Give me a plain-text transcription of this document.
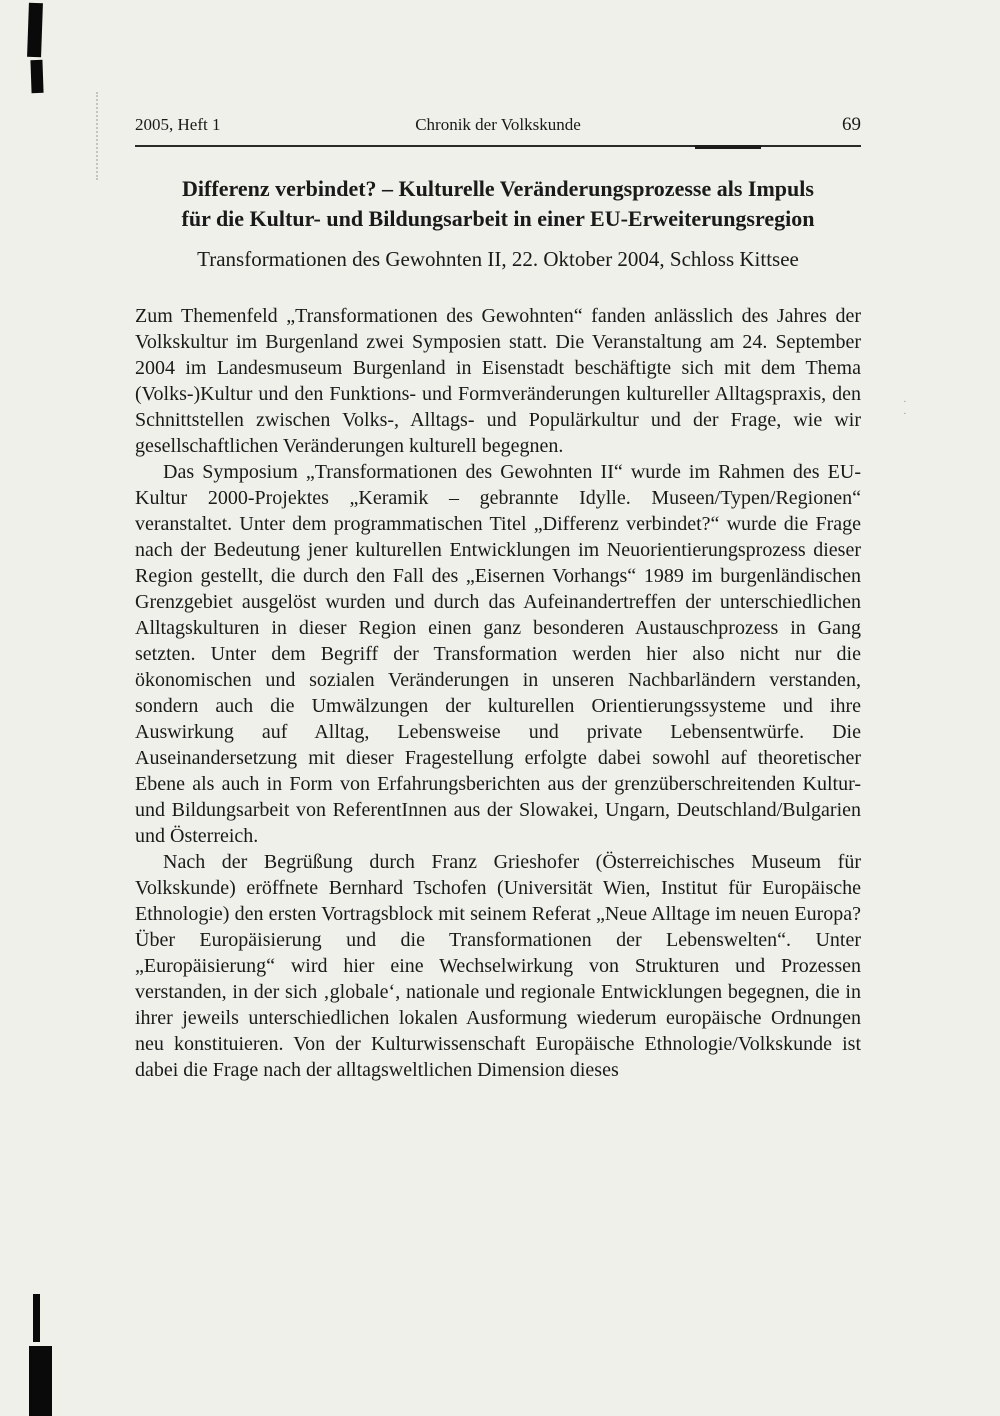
· ·
2005, Heft 1	Chronik der Volkskunde	69
Differenz verbindet? – Kulturelle Veränderungsprozesse als Impuls für die Kultur- und Bildungsarbeit in einer EU-Erweiterungsregion
Transformationen des Gewohnten II, 22. Oktober 2004, Schloss Kittsee

Zum Themenfeld „Transformationen des Gewohnten“ fanden anlässlich des Jahres der Volkskultur im Burgenland zwei Symposien statt. Die Veranstaltung am 24. September 2004 im Landesmuseum Burgenland in Eisenstadt beschäftigte sich mit dem Thema (Volks-)Kultur und den Funktions- und Formveränderungen kultureller Alltagspraxis, den Schnittstellen zwischen Volks-, Alltags- und Populärkultur und der Frage, wie wir gesellschaftlichen Veränderungen kulturell begegnen.

Das Symposium „Transformationen des Gewohnten II“ wurde im Rahmen des EU-Kultur 2000-Projektes „Keramik – gebrannte Idylle. Museen/Typen/Regionen“ veranstaltet. Unter dem programmatischen Titel „Differenz verbindet?“ wurde die Frage nach der Bedeutung jener kulturellen Entwicklungen im Neuorientierungsprozess dieser Region gestellt, die durch den Fall des „Eisernen Vorhangs“ 1989 im burgenländischen Grenzgebiet ausgelöst wurden und durch das Aufeinandertreffen der unterschiedlichen Alltagskulturen in dieser Region einen ganz besonderen Austauschprozess in Gang setzten. Unter dem Begriff der Transformation werden hier also nicht nur die ökonomischen und sozialen Veränderungen in unseren Nachbarländern verstanden, sondern auch die Umwälzungen der kulturellen Orientierungssysteme und ihre Auswirkung auf Alltag, Lebensweise und private Lebensentwürfe. Die Auseinandersetzung mit dieser Fragestellung erfolgte dabei sowohl auf theoretischer Ebene als auch in Form von Erfahrungsberichten aus der grenzüberschreitenden Kultur- und Bildungsarbeit von ReferentInnen aus der Slowakei, Ungarn, Deutschland/Bulgarien und Österreich.

Nach der Begrüßung durch Franz Grieshofer (Österreichisches Museum für Volkskunde) eröffnete Bernhard Tschofen (Universität Wien, Institut für Europäische Ethnologie) den ersten Vortragsblock mit seinem Referat „Neue Alltage im neuen Europa? Über Europäisierung und die Transformationen der Lebenswelten“. Unter „Europäisierung“ wird hier eine Wechselwirkung von Strukturen und Prozessen verstanden, in der sich ‚globale‘, nationale und regionale Entwicklungen begegnen, die in ihrer jeweils unterschiedlichen lokalen Ausformung wiederum europäische Ordnungen neu konstituieren. Von der Kulturwissenschaft Europäische Ethnologie/Volkskunde ist dabei die Frage nach der alltagsweltlichen Dimension dieses
